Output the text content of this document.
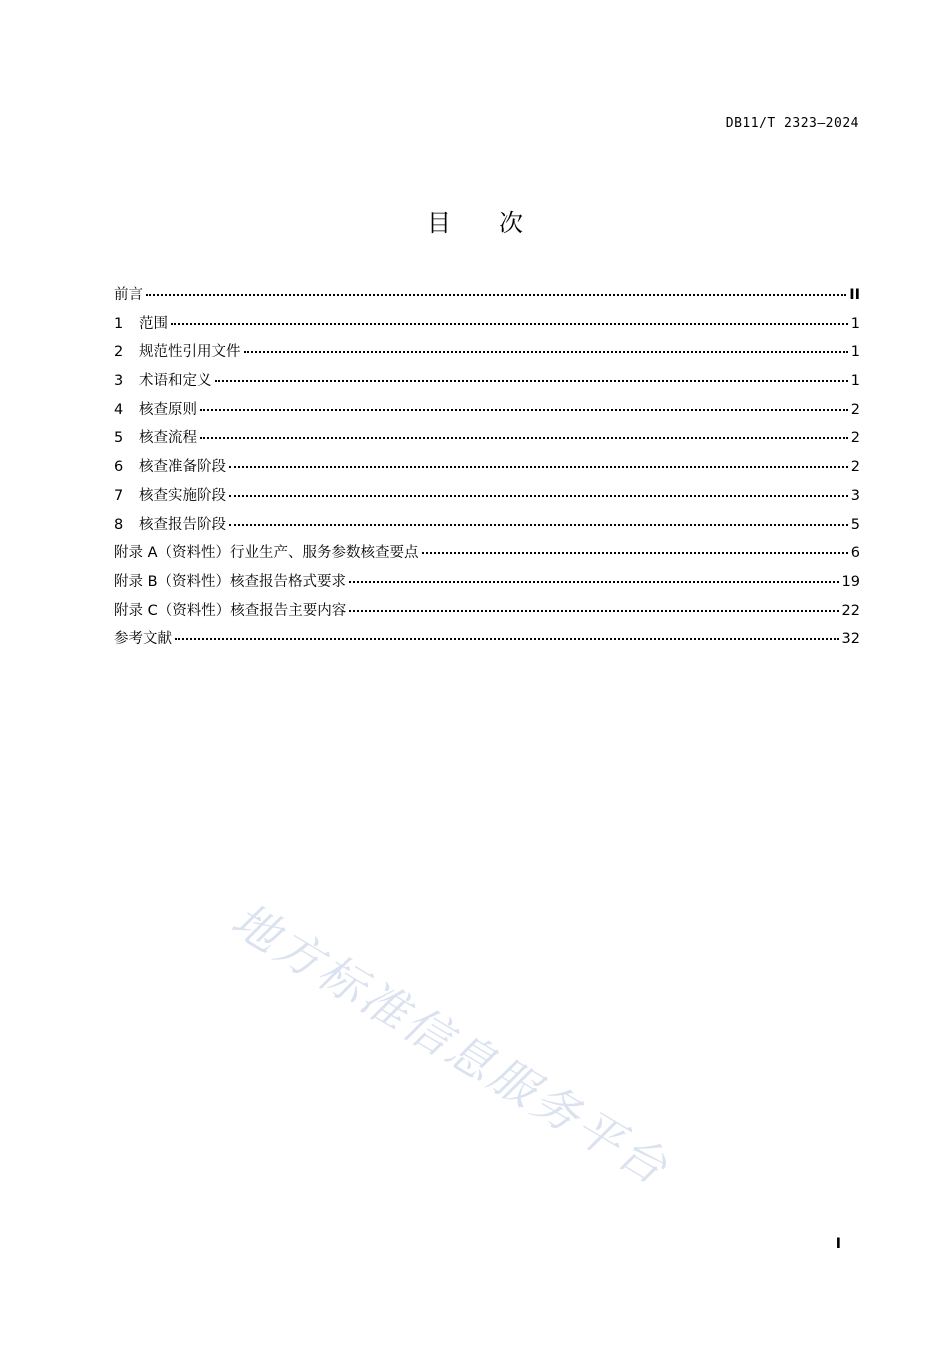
DB11/T 2323—2024
目 次
前言	II
1	范围	1
2	规范性引用文件	1
3	术语和定义	1
4	核查原则	2
5	核查流程	2
6	核查准备阶段	2
7	核查实施阶段	3
8	核查报告阶段	5
附录 A（资料性）行业生产、服务参数核查要点	6
附录 B（资料性）核查报告格式要求	19
附录 C（资料性）核查报告主要内容	22
参考文献	32
地方标准信息服务平台
I
